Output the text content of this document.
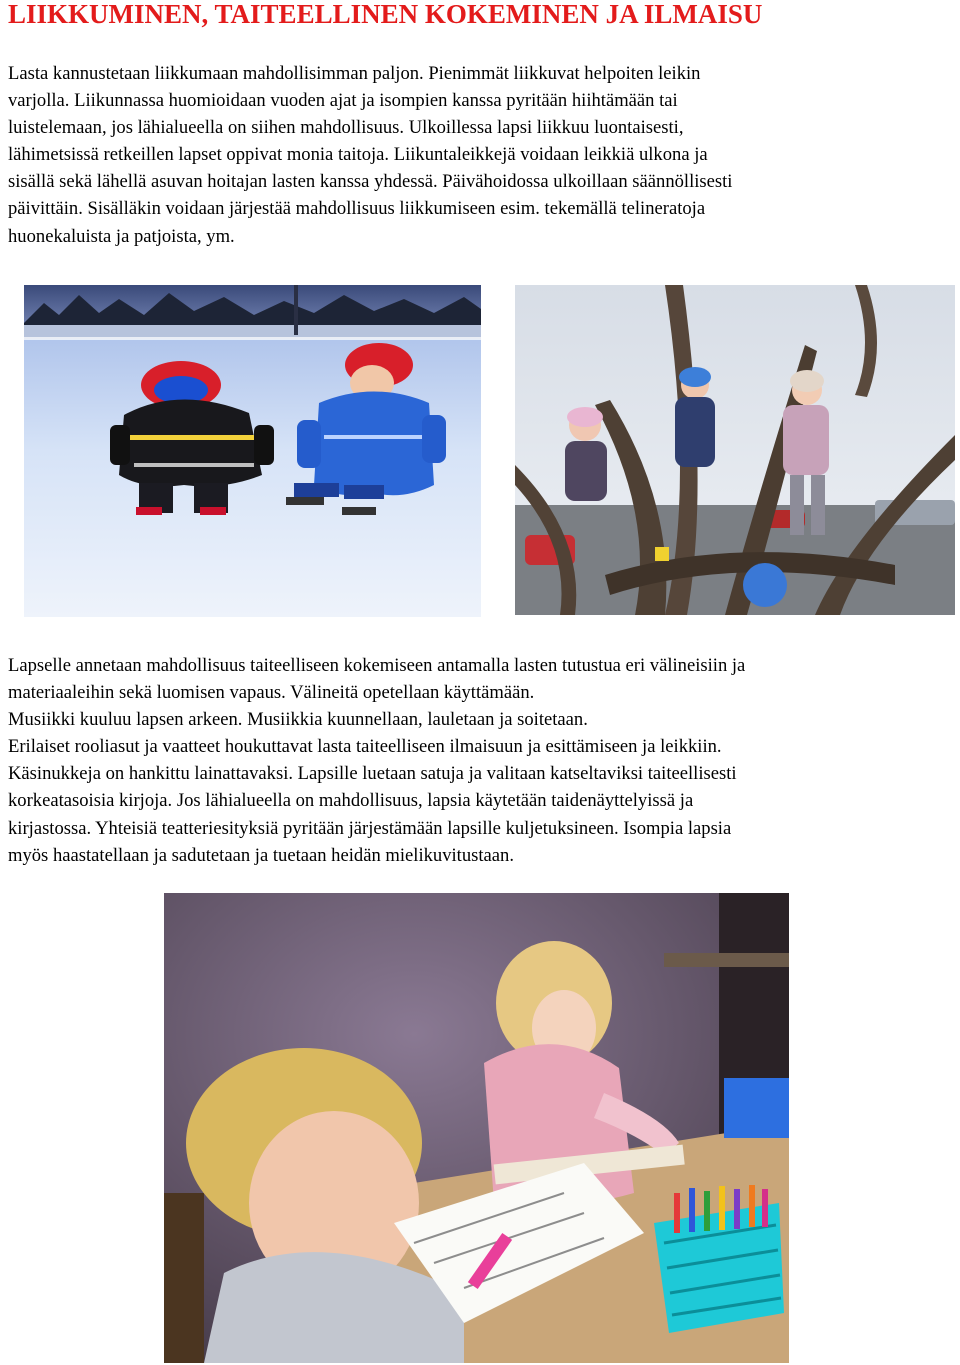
LIIKKUMINEN, TAITEELLINEN KOKEMINEN JA ILMAISU
Lasta kannustetaan liikkumaan mahdollisimman paljon. Pienimmät liikkuvat helpoiten leikin
varjolla. Liikunnassa huomioidaan vuoden ajat ja isompien kanssa pyritään hiihtämään tai
luistelemaan, jos lähialueella on siihen mahdollisuus. Ulkoillessa lapsi liikkuu luontaisesti,
lähimetsissä retkeillen lapset oppivat monia taitoja. Liikuntaleikkejä voidaan leikkiä ulkona ja
sisällä sekä lähellä asuvan hoitajan lasten kanssa yhdessä. Päivähoidossa ulkoillaan säännöllisesti
päivittäin. Sisälläkin voidaan järjestää mahdollisuus liikkumiseen esim. tekemällä telineratoja
huonekaluista ja patjoista, ym.
Lapselle annetaan mahdollisuus taiteelliseen kokemiseen antamalla lasten tutustua eri välineisiin ja
materiaaleihin sekä luomisen vapaus. Välineitä opetellaan käyttämään.
Musiikki kuuluu lapsen arkeen. Musiikkia kuunnellaan, lauletaan ja soitetaan.
Erilaiset rooliasut ja vaatteet houkuttavat lasta taiteelliseen ilmaisuun ja esittämiseen ja leikkiin.
Käsinukkeja on hankittu lainattavaksi. Lapsille luetaan satuja ja valitaan katseltaviksi taiteellisesti
korkeatasoisia kirjoja. Jos lähialueella on mahdollisuus, lapsia käytetään taidenäyttelyissä ja
kirjastossa. Yhteisiä teatteriesityksiä pyritään järjestämään lapsille kuljetuksineen. Isompia lapsia
myös haastatellaan ja sadutetaan ja tuetaan heidän mielikuvitustaan.
